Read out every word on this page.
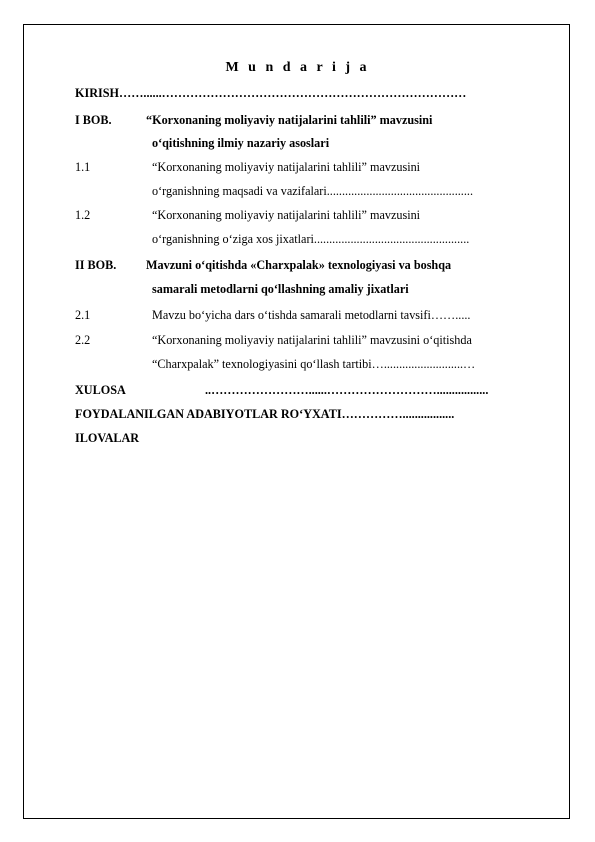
M u n d a r i j a
KIRISH……......…………………………………………………………………
I BOB.	“Korxonaning moliyaviy natijalarini tahlili” mavzusini
o‘qitishning ilmiy nazariy asoslari
1.1	“Korxonaning moliyaviy natijalarini tahlili” mavzusini
o‘rganishning maqsadi va vazifalari................................................
1.2	“Korxonaning moliyaviy natijalarini tahlili” mavzusini
o‘rganishning o‘ziga xos jixatlari...................................................
II BOB. Mavzuni o‘qitishda «Charxpalak» texnologiyasi va boshqa
samarali metodlarni qo‘llashning amaliy jixatlari
2.1	Mavzu bo‘yicha dars o‘tishda samarali metodlarni tavsifi…….....
2.2	“Korxonaning moliyaviy natijalarini tahlili” mavzusini o‘qitishda
“Charxpalak” texnologiyasini qo‘llash tartibi…..........................…
XULOSA	..……………………......……………………….................
FOYDALANILGAN ADABIYOTLAR RO‘YXATI…………….................
ILOVALAR
